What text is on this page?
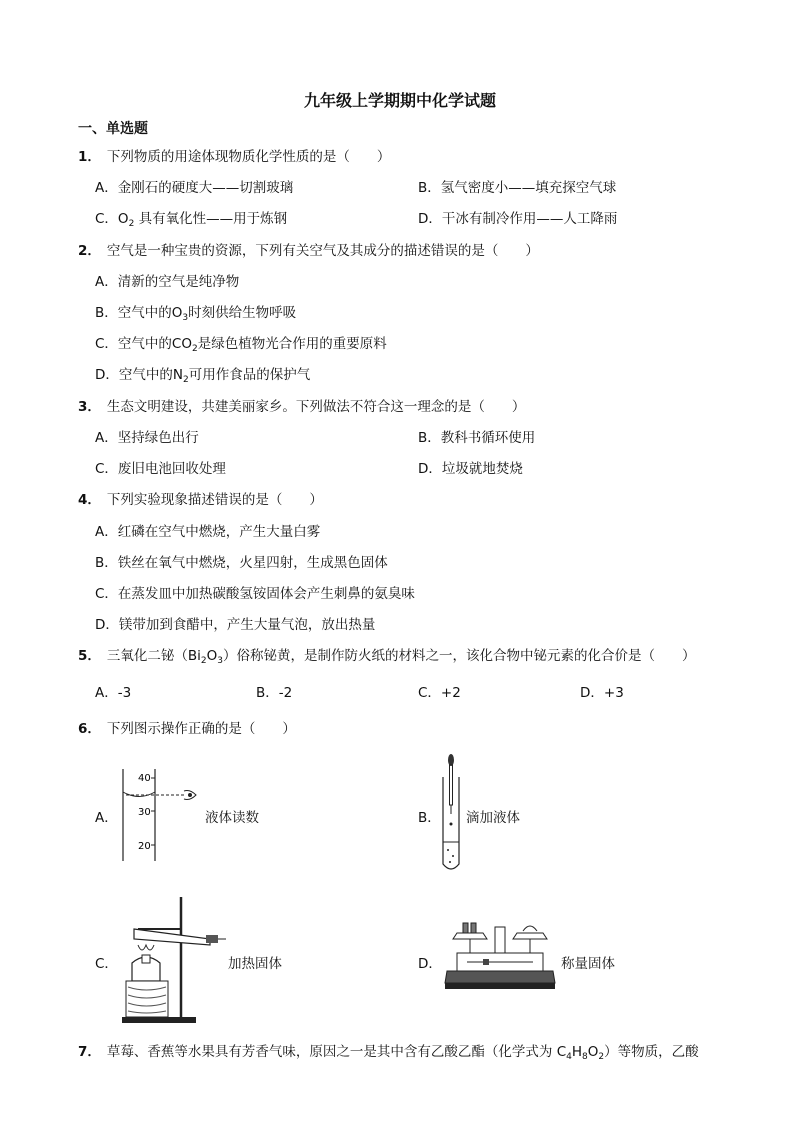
九年级上学期期中化学试题
一、单选题
1． 下列物质的用途体现物质化学性质的是（　　）
A．金刚石的硬度大——切割玻璃	B．氢气密度小——填充探空气球
C．$O_2$ 具有氧化性——用于炼钢	D．干冰有制冷作用——人工降雨
2． 空气是一种宝贵的资源，下列有关空气及其成分的描述错误的是（　　）
A．清新的空气是纯净物
B．空气中的$O_3$时刻供给生物呼吸
C．空气中的$CO_2$是绿色植物光合作用的重要原料
D．空气中的$N_2$可用作食品的保护气
3． 生态文明建设，共建美丽家乡。下列做法不符合这一理念的是（　　）
A．坚持绿色出行	B．教科书循环使用
C．废旧电池回收处理	D．垃圾就地焚烧
4． 下列实验现象描述错误的是（　　）
A．红磷在空气中燃烧，产生大量白雾
B．铁丝在氧气中燃烧，火星四射，生成黑色固体
C．在蒸发皿中加热碳酸氢铵固体会产生刺鼻的氨臭味
D．镁带加到食醋中，产生大量气泡，放出热量
5． 三氧化二铋$(Bi_2O_3)$俗称铋黄，是制作防火纸的材料之一，该化合物中铋元素的化合价是（　　）
A．-3	B．-2	C．+2	D．+3
6． 下列图示操作正确的是（　　）
A．
40
30
20
液体读数	B． 滴加液体
C．	加热固体	D．	称量固体
7． 草莓、香蕉等水果具有芳香气味，原因之一是其中含有乙酸乙酯（化学式为 $C_4H_8O_2$）等物质，乙酸
